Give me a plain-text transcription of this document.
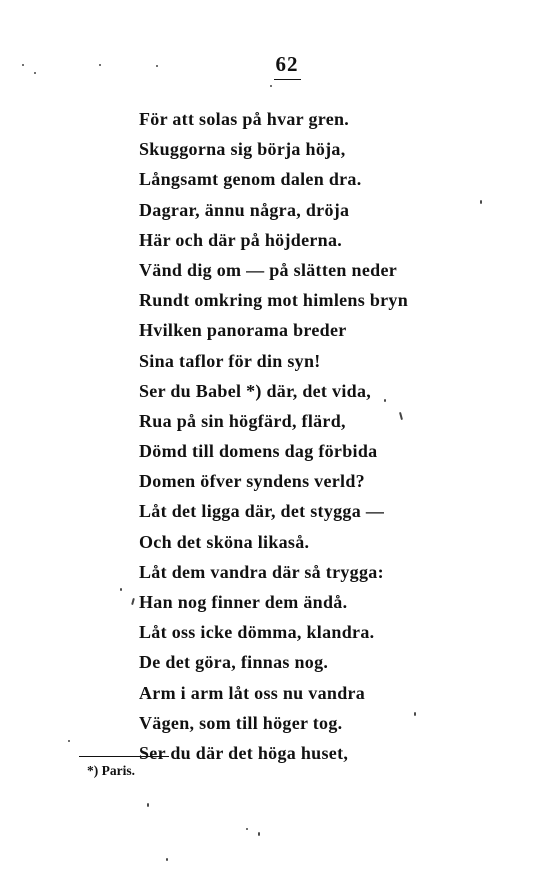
62
För att solas på hvar gren.
Skuggorna sig börja höja,
Långsamt genom dalen dra.
Dagrar, ännu några, dröja
Här och där på höjderna.
Vänd dig om — på slätten neder
Rundt omkring mot himlens bryn
Hvilken panorama breder
Sina taflor för din syn!
Ser du Babel *) där, det vida,
Rua på sin högfärd, flärd,
Dömd till domens dag förbida
Domen öfver syndens verld?
Låt det ligga där, det stygga —
Och det sköna likaså.
Låt dem vandra där så trygga:
Han nog finner dem ändå.
Låt oss icke dömma, klandra.
De det göra, finnas nog.
Arm i arm låt oss nu vandra
Vägen, som till höger tog.
Ser du där det höga huset,
*) Paris.
